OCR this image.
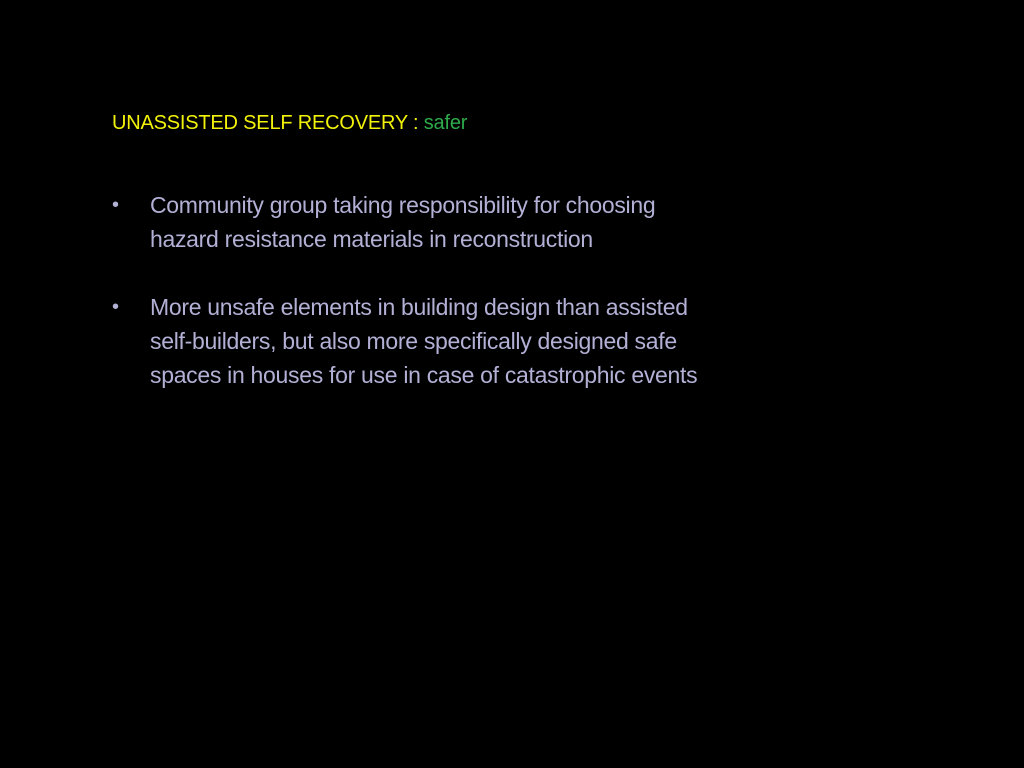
UNASSISTED SELF RECOVERY : safer
• Community group taking responsibility for choosing
hazard resistance materials in reconstruction
• More unsafe elements in building design than assisted
self-builders, but also more specifically designed safe
spaces in houses for use in case of catastrophic events
